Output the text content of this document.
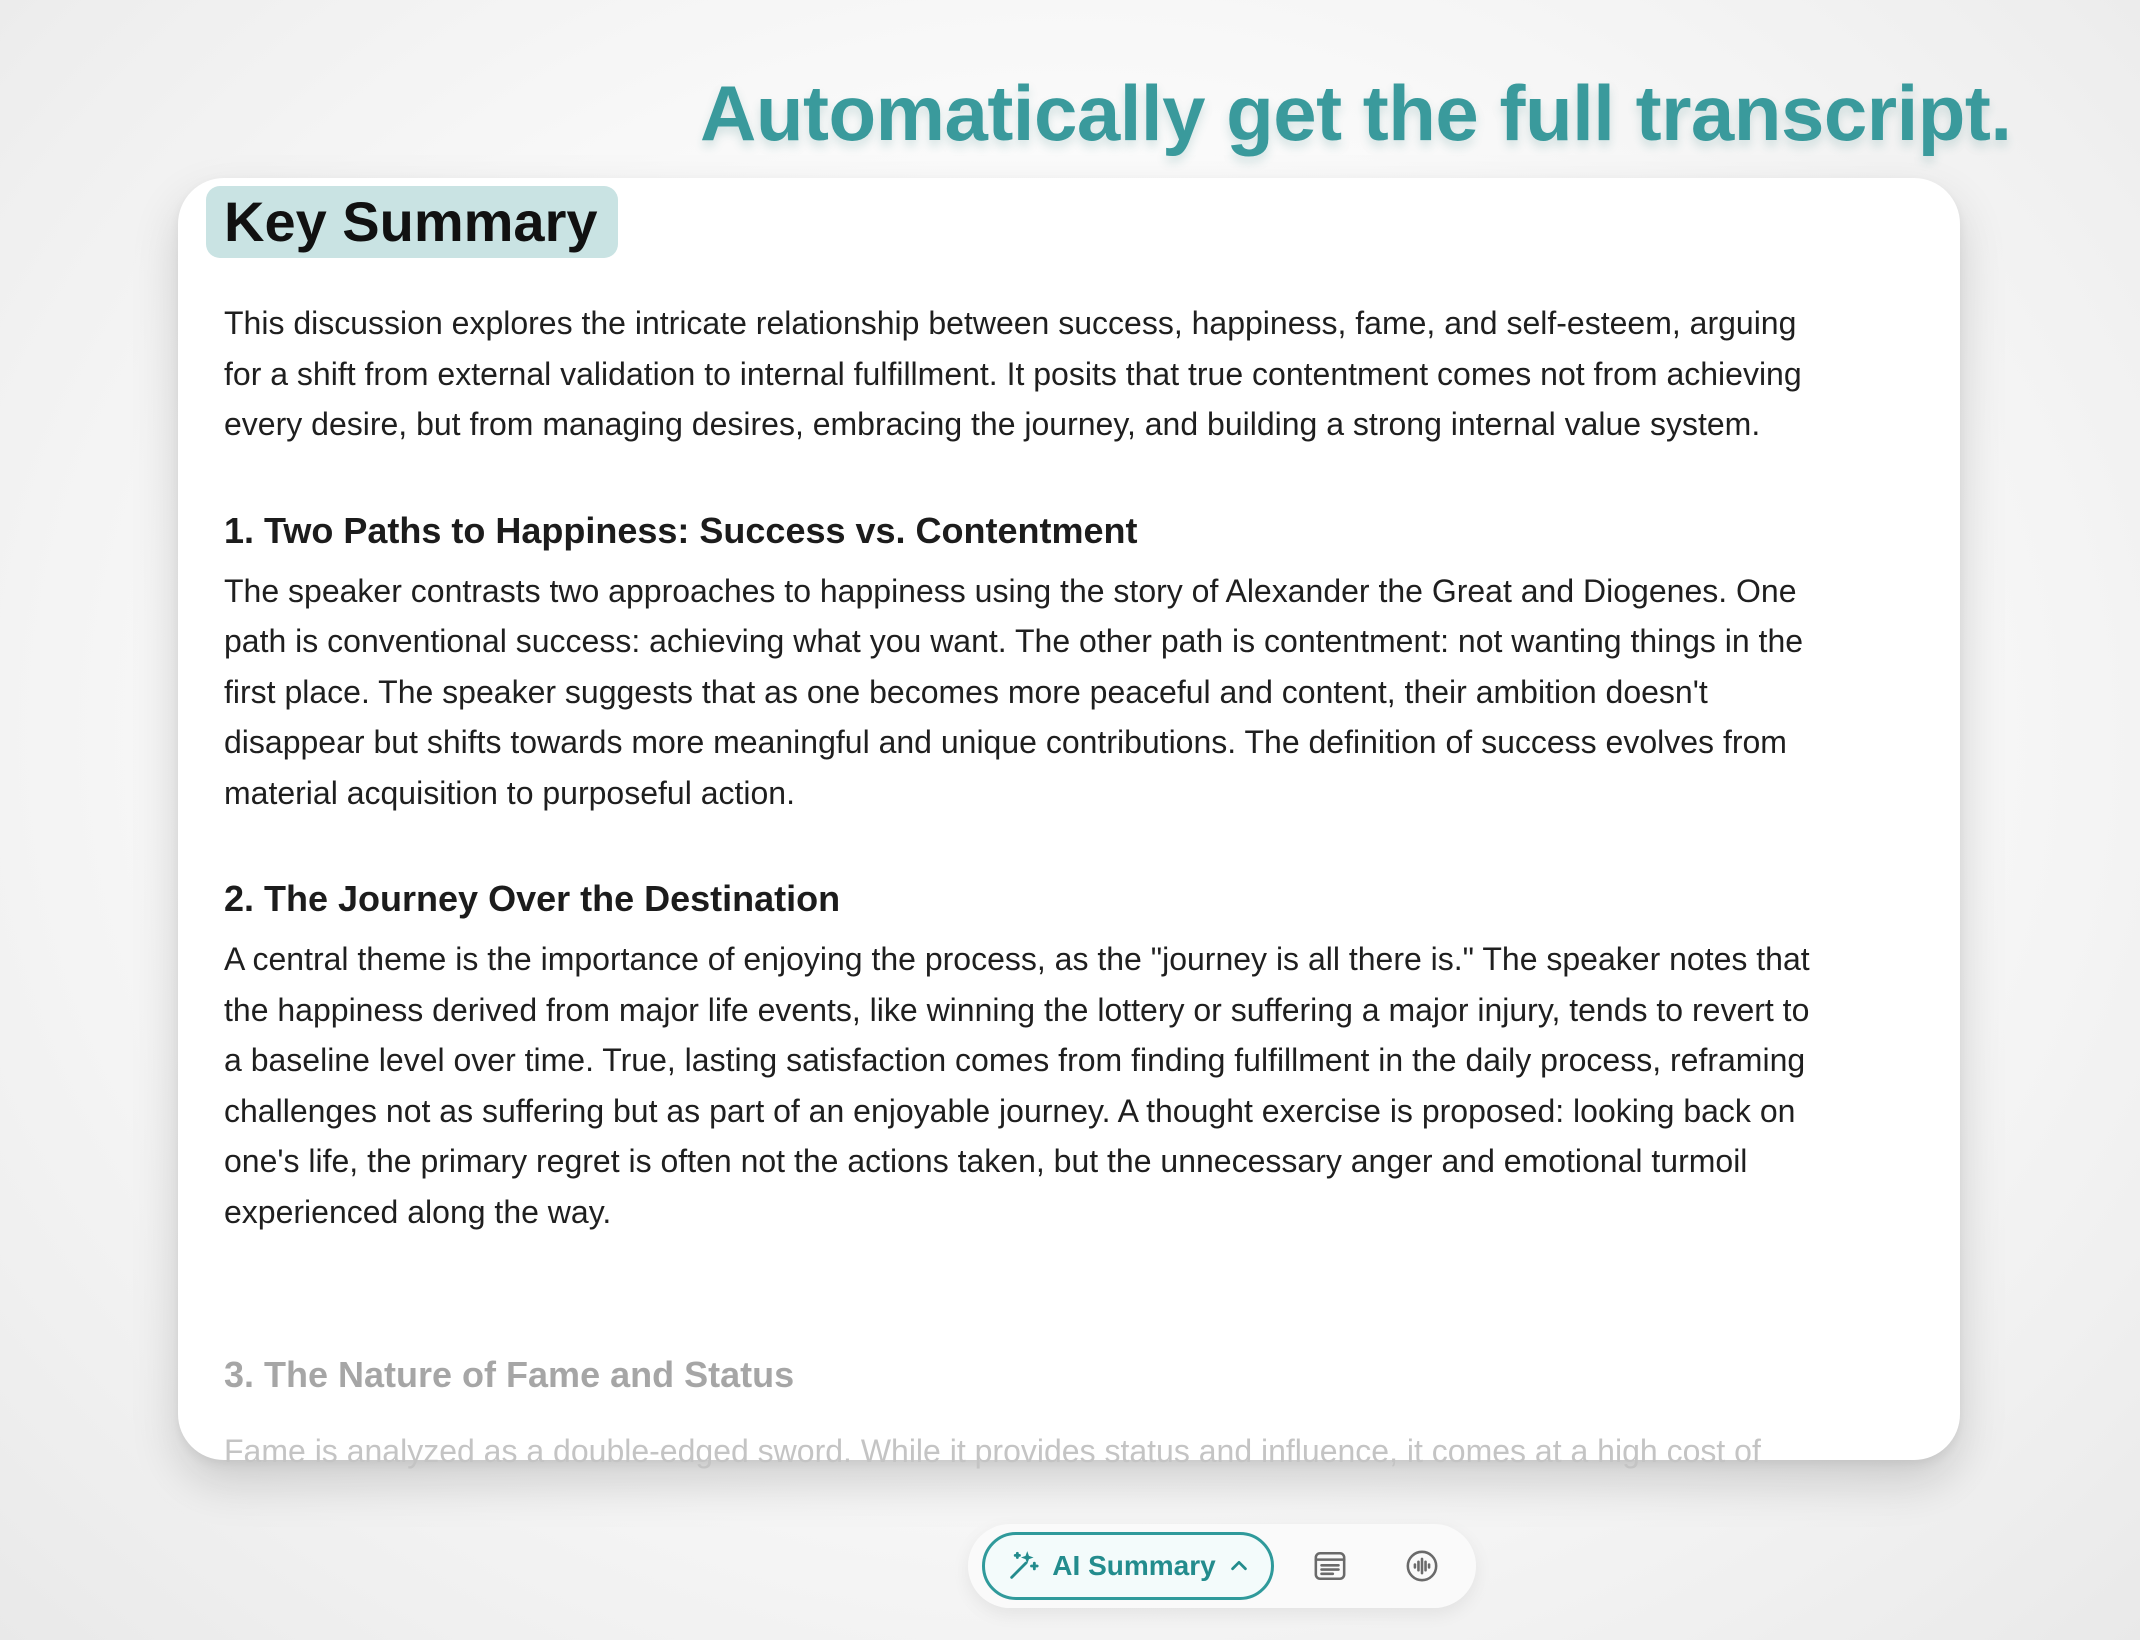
Automatically get the full transcript.
Key Summary

This discussion explores the intricate relationship between success, happiness, fame, and self-esteem, arguing for a shift from external validation to internal fulfillment. It posits that true contentment comes not from achieving every desire, but from managing desires, embracing the journey, and building a strong internal value system.

1. Two Paths to Happiness: Success vs. Contentment

The speaker contrasts two approaches to happiness using the story of Alexander the Great and Diogenes. One path is conventional success: achieving what you want. The other path is contentment: not wanting things in the first place. The speaker suggests that as one becomes more peaceful and content, their ambition doesn't disappear but shifts towards more meaningful and unique contributions. The definition of success evolves from material acquisition to purposeful action.

2. The Journey Over the Destination

A central theme is the importance of enjoying the process, as the "journey is all there is." The speaker notes that the happiness derived from major life events, like winning the lottery or suffering a major injury, tends to revert to a baseline level over time. True, lasting satisfaction comes from finding fulfillment in the daily process, reframing challenges not as suffering but as part of an enjoyable journey. A thought exercise is proposed: looking back on one's life, the primary regret is often not the actions taken, but the unnecessary anger and emotional turmoil experienced along the way.

3. The Nature of Fame and Status

Fame is analyzed as a double-edged sword. While it provides status and influence, it comes at a high cost of

AI Summary
